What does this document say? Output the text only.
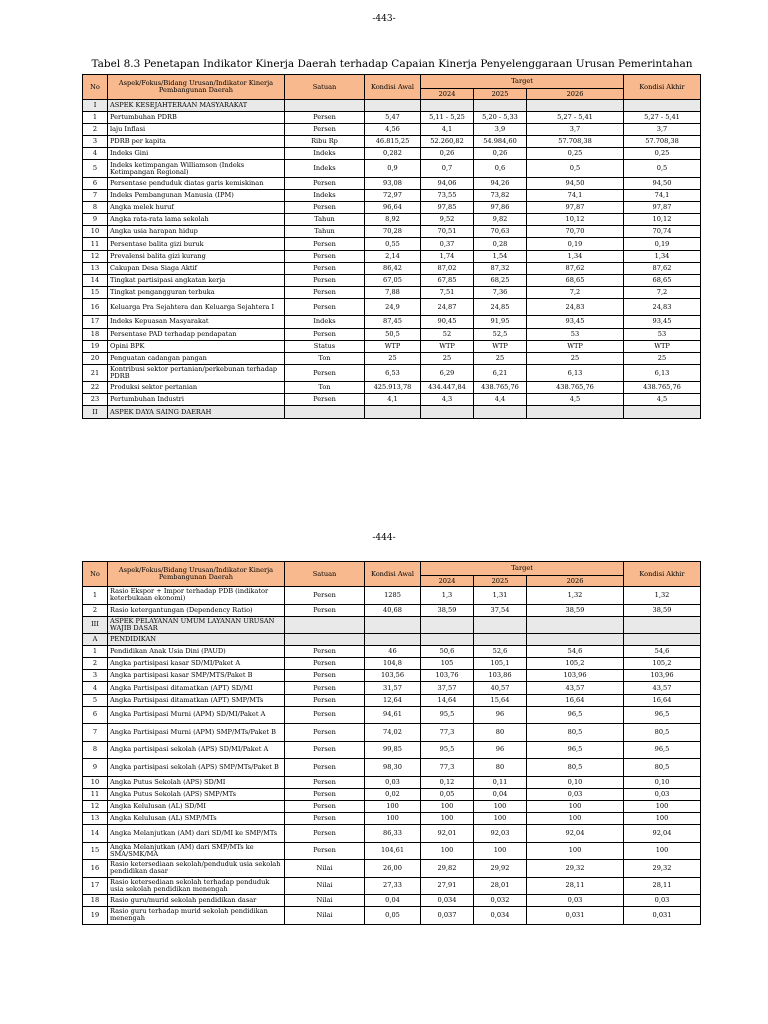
-443-
Tabel 8.3 Penetapan Indikator Kinerja Daerah terhadap Capaian Kinerja Penyelenggaraan Urusan Pemerintahan
No	Aspek/Fokus/Bidang Urusan/Indikator Kinerja Pembangunan Daerah	Satuan	Kondisi Awal	Target			Kondisi Akhir
				2024	2025	2026	
I	ASPEK KESEJAHTERAAN MASYARAKAT						
1	Pertumbuhan PDRB	Persen	5,47	5,11 - 5,25	5,20 - 5,33	5,27 - 5,41	5,27 - 5,41
2	laju Inflasi	Persen	4,56	4,1	3,9	3,7	3,7
3	PDRB per kapita	Ribu Rp	46.815,25	52.260,82	54.984,60	57.708,38	57.708,38
4	Indeks Gini	Indeks	0,282	0,26	0,26	0,25	0,25
5	Indeks ketimpangan Williamson (Indeks Ketimpangan Regional)	Indeks	0,9	0,7	0,6	0,5	0,5
6	Persentase penduduk diatas garis kemiskinan	Persen	93,08	94,06	94,26	94,50	94,50
7	Indeks Pembangunan Manusia (IPM)	Indeks	72,97	73,55	73,82	74,1	74,1
8	Angka melek huruf	Persen	96,64	97,85	97,86	97,87	97,87
9	Angka rata-rata lama sekolah	Tahun	8,92	9,52	9,82	10,12	10,12
10	Angka usia harapan hidup	Tahun	70,28	70,51	70,63	70,70	70,74
11	Persentase balita gizi buruk	Persen	0,55	0,37	0,28	0,19	0,19
12	Prevalensi balita gizi kurang	Persen	2,14	1,74	1,54	1,34	1,34
13	Cakupan Desa Siaga Aktif	Persen	86,42	87,02	87,32	87,62	87,62
14	Tingkat partisipasi angkatan kerja	Persen	67,05	67,85	68,25	68,65	68,65
15	Tingkat pengangguran terbuka	Persen	7,88	7,51	7,36	7,2	7,2
16	Keluarga Pra Sejahtera dan Keluarga Sejahtera I	Persen	24,9	24,87	24,85	24,83	24,83
17	Indeks Kepuasan Masyarakat	Indeks	87,45	90,45	91,95	93,45	93,45
18	Persentase PAD terhadap pendapatan	Persen	50,5	52	52,5	53	53
19	Opini BPK	Status	WTP	WTP	WTP	WTP	WTP
20	Penguatan cadangan pangan	Ton	25	25	25	25	25
21	Kontribusi sektor pertanian/perkebunan terhadap PDRB	Persen	6,53	6,29	6,21	6,13	6,13
22	Produksi sektor pertanian	Ton	425.913,78	434.447,84	438.765,76	438.765,76	438.765,76
23	Pertumbuhan Industri	Persen	4,1	4,3	4,4	4,5	4,5
II	ASPEK DAYA SAING DAERAH						
-444-
No	Aspek/Fokus/Bidang Urusan/Indikator Kinerja Pembangunan Daerah	Satuan	Kondisi Awal	Target			Kondisi Akhir
				2024	2025	2026	
1	Rasio Ekspor + Impor terhadap PDB (indikator keterbukaan ekonomi)	Persen	1285	1,3	1,31	1,32	1,32
2	Rasio ketergantungan (Dependency Ratio)	Persen	40,68	38,59	37,54	38,59	38,59
III	ASPEK PELAYANAN UMUM LAYANAN URUSAN WAJIB DASAR						
A	PENDIDIKAN						
1	Pendidikan Anak Usia Dini (PAUD)	Persen	46	50,6	52,6	54,6	54,6
2	Angka partisipasi kasar SD/MI/Paket A	Persen	104,8	105	105,1	105,2	105,2
3	Angka partisipasi kasar SMP/MTS/Paket B	Persen	103,56	103,76	103,86	103,96	103,96
4	Angka Partisipasi ditamatkan (APT) SD/MI	Persen	31,57	37,57	40,57	43,57	43,57
5	Angka Partisipasi ditamatkan (APT) SMP/MTs	Persen	12,64	14,64	15,64	16,64	16,64
6	Angka Partisipasi Murni (APM) SD/MI/Paket A	Persen	94,61	95,5	96	96,5	96,5
7	Angka Partisipasi Murni (APM) SMP/MTs/Paket B	Persen	74,02	77,3	80	80,5	80,5
8	Angka partisipasi sekolah (APS) SD/MI/Paket A	Persen	99,85	95,5	96	96,5	96,5
9	Angka partisipasi sekolah (APS) SMP/MTs/Paket B	Persen	98,30	77,3	80	80,5	80,5
10	Angka Putus Sekolah (APS) SD/MI	Persen	0,03	0,12	0,11	0,10	0,10
11	Angka Putus Sekolah (APS) SMP/MTs	Persen	0,02	0,05	0,04	0,03	0,03
12	Angka Kelulusan (AL) SD/MI	Persen	100	100	100	100	100
13	Angka Kelulusan (AL) SMP/MTs	Persen	100	100	100	100	100
14	Angka Melanjutkan (AM) dari SD/MI ke SMP/MTs	Persen	86,33	92,01	92,03	92,04	92,04
15	Angka Melanjutkan (AM) dari SMP/MTs ke SMA/SMK/MA	Persen	104,61	100	100	100	100
16	Rasio ketersediaan sekolah/penduduk usia sekolah pendidikan dasar	Nilai	26,00	29,82	29,92	29,32	29,32
17	Rasio ketersediaan sekolah terhadap penduduk usia sekolah pendidikan menengah	Nilai	27,33	27,91	28,01	28,11	28,11
18	Rasio guru/murid sekolah pendidikan dasar	Nilai	0,04	0,034	0,032	0,03	0,03
19	Rasio guru terhadap murid sekolah pendidikan menengah	Nilai	0,05	0,037	0,034	0,031	0,031
